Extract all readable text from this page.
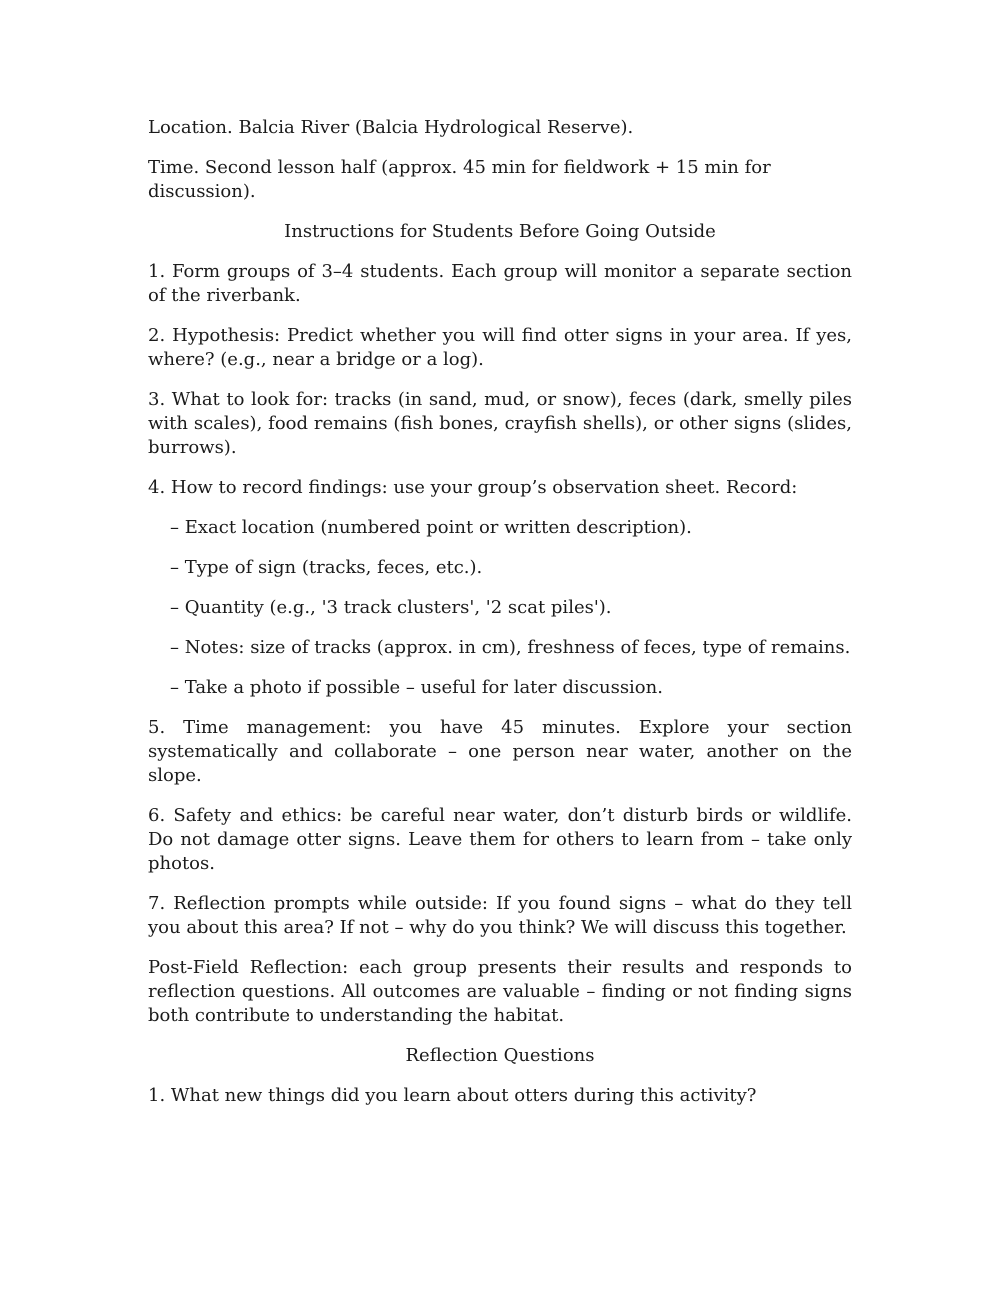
Location. Balcia River (Balcia Hydrological Reserve).

Time. Second lesson half (approx. 45 min for fieldwork + 15 min for discussion).

Instructions for Students Before Going Outside

1. Form groups of 3–4 students. Each group will monitor a separate section of the riverbank.

2. Hypothesis: Predict whether you will find otter signs in your area. If yes, where? (e.g., near a bridge or a log).

3. What to look for: tracks (in sand, mud, or snow), feces (dark, smelly piles with scales), food remains (fish bones, crayfish shells), or other signs (slides, burrows).

4. How to record findings: use your group’s observation sheet. Record:

– Exact location (numbered point or written description).

– Type of sign (tracks, feces, etc.).

– Quantity (e.g., '3 track clusters', '2 scat piles').

– Notes: size of tracks (approx. in cm), freshness of feces, type of remains.

– Take a photo if possible – useful for later discussion.

5. Time management: you have 45 minutes. Explore your section systematically and collaborate – one person near water, another on the slope.

6. Safety and ethics: be careful near water, don’t disturb birds or wildlife. Do not damage otter signs. Leave them for others to learn from – take only photos.

7. Reflection prompts while outside: If you found signs – what do they tell you about this area? If not – why do you think? We will discuss this together.

Post-Field Reflection: each group presents their results and responds to reflection questions. All outcomes are valuable – finding or not finding signs both contribute to understanding the habitat.

Reflection Questions

1. What new things did you learn about otters during this activity?
